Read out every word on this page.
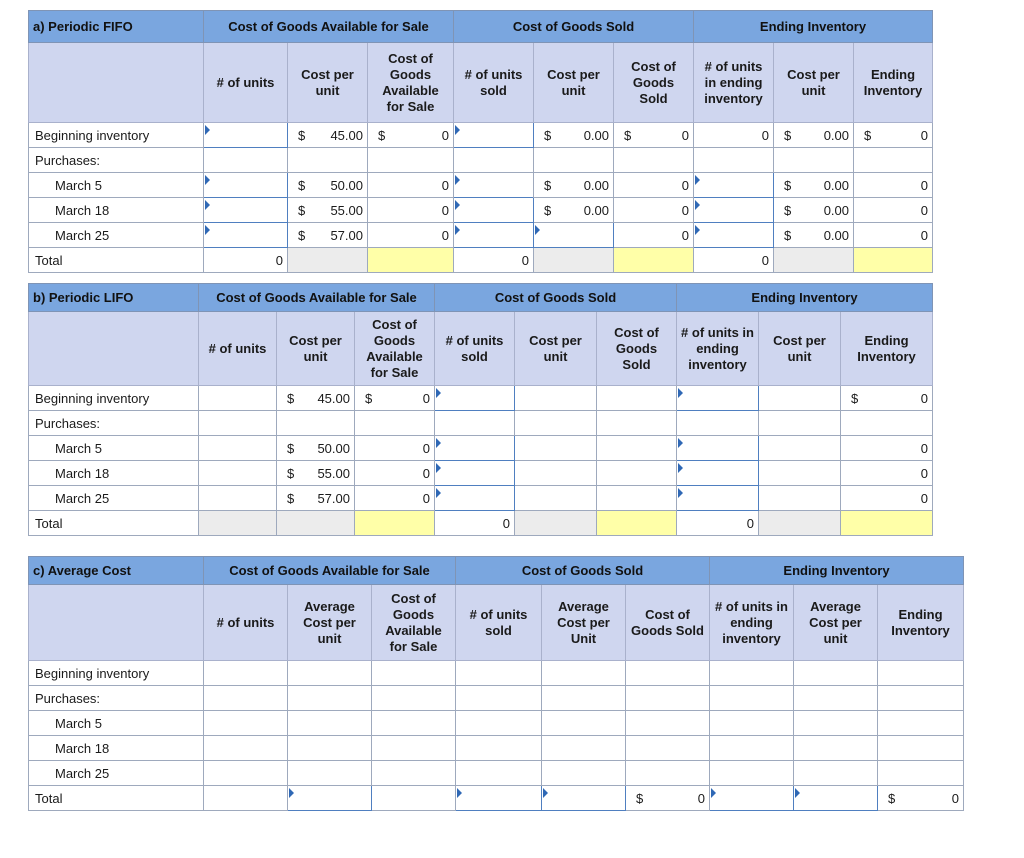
a) Periodic FIFO	Cost of Goods Available for Sale			Cost of Goods Sold			Ending Inventory		
	# of units	Cost per unit	Cost of Goods Available for Sale	# of units sold	Cost per unit	Cost of Goods Sold	# of units in ending inventory	Cost per unit	Ending Inventory
Beginning inventory		$ 45.00	$ 0		$ 0.00	$ 0	0	$ 0.00	$ 0

Purchases:									
March 5		$ 50.00	0		$ 0.00	0		$ 0.00	0
March 18		$ 55.00	0		$ 0.00	0		$ 0.00	0
March 25		$ 57.00	0			0		$ 0.00	0
Total	0			0			0		
b) Periodic LIFO	Cost of Goods Available for Sale			Cost of Goods Sold			Ending Inventory		
	# of units	Cost per unit	Cost of Goods Available for Sale	# of units sold	Cost per unit	Cost of Goods Sold	# of units in ending inventory	Cost per unit	Ending Inventory
Beginning inventory		$ 45.00	$ 0						$ 0

Purchases:									
March 5		$ 50.00	0						0
March 18		$ 55.00	0						0
March 25		$ 57.00	0						0
Total				0			0		
c) Average Cost	Cost of Goods Available for Sale			Cost of Goods Sold			Ending Inventory		
	# of units	Average Cost per unit	Cost of Goods Available for Sale	# of units sold	Average Cost per Unit	Cost of Goods Sold	# of units in ending inventory	Average Cost per unit	Ending Inventory
Beginning inventory									
Purchases:									
March 5									
March 18									
March 25									
Total						$ 0			$ 0
